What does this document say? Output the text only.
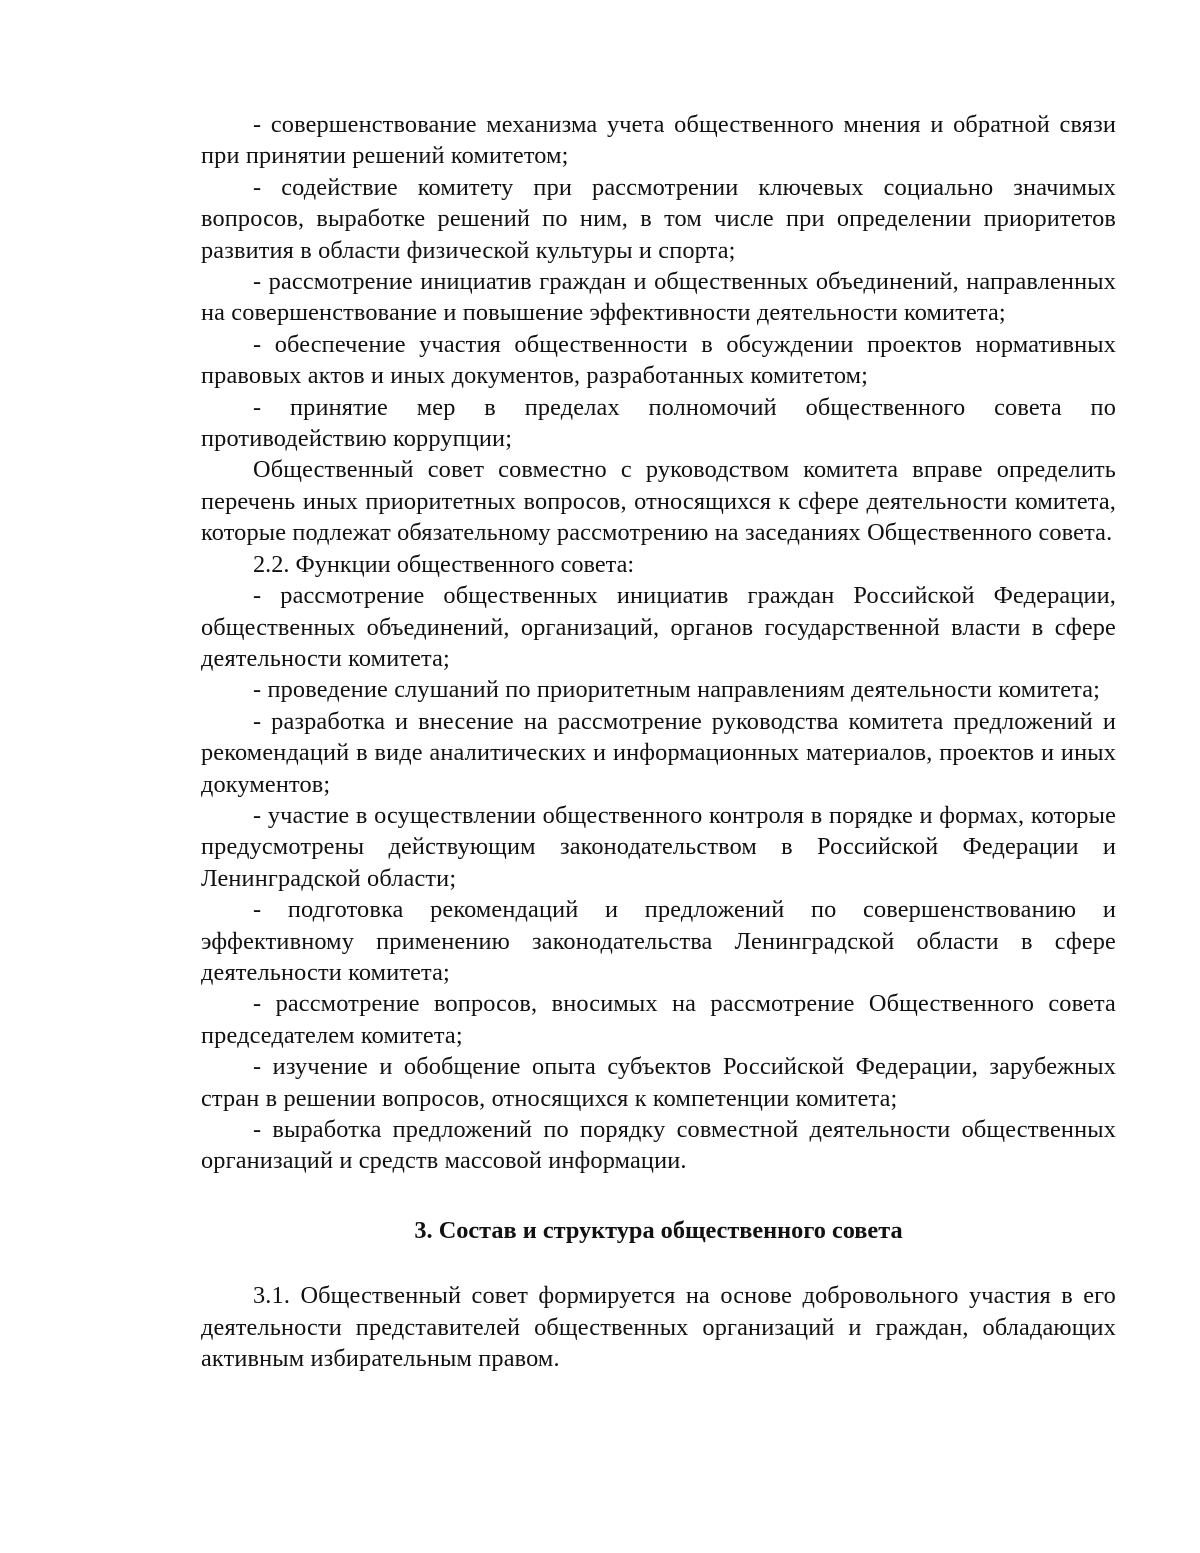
- совершенствование механизма учета общественного мнения и обратной связи при принятии решений комитетом;

- содействие комитету при рассмотрении ключевых социально значимых вопросов, выработке решений по ним, в том числе при определении приоритетов развития в области физической культуры и спорта;

- рассмотрение инициатив граждан и общественных объединений, направленных на совершенствование и повышение эффективности деятельности комитета;

- обеспечение участия общественности в обсуждении проектов нормативных правовых актов и иных документов, разработанных комитетом;

- принятие мер в пределах полномочий общественного совета по противодействию коррупции;

Общественный совет совместно с руководством комитета вправе определить перечень иных приоритетных вопросов, относящихся к сфере деятельности комитета, которые подлежат обязательному рассмотрению на заседаниях Общественного совета.

2.2. Функции общественного совета:

- рассмотрение общественных инициатив граждан Российской Федерации, общественных объединений, организаций, органов государственной власти в сфере деятельности комитета;

- проведение слушаний по приоритетным направлениям деятельности комитета;

- разработка и внесение на рассмотрение руководства комитета предложений и рекомендаций в виде аналитических и информационных материалов, проектов и иных документов;

- участие в осуществлении общественного контроля в порядке и формах, которые предусмотрены действующим законодательством в Российской Федерации и Ленинградской области;

- подготовка рекомендаций и предложений по совершенствованию и эффективному применению законодательства Ленинградской области в сфере деятельности комитета;

- рассмотрение вопросов, вносимых на рассмотрение Общественного совета председателем комитета;

- изучение и обобщение опыта субъектов Российской Федерации, зарубежных стран в решении вопросов, относящихся к компетенции комитета;

- выработка предложений по порядку совместной деятельности общественных организаций и средств массовой информации.

3. Состав и структура общественного совета

3.1. Общественный совет формируется на основе добровольного участия в его деятельности представителей общественных организаций и граждан, обладающих активным избирательным правом.
